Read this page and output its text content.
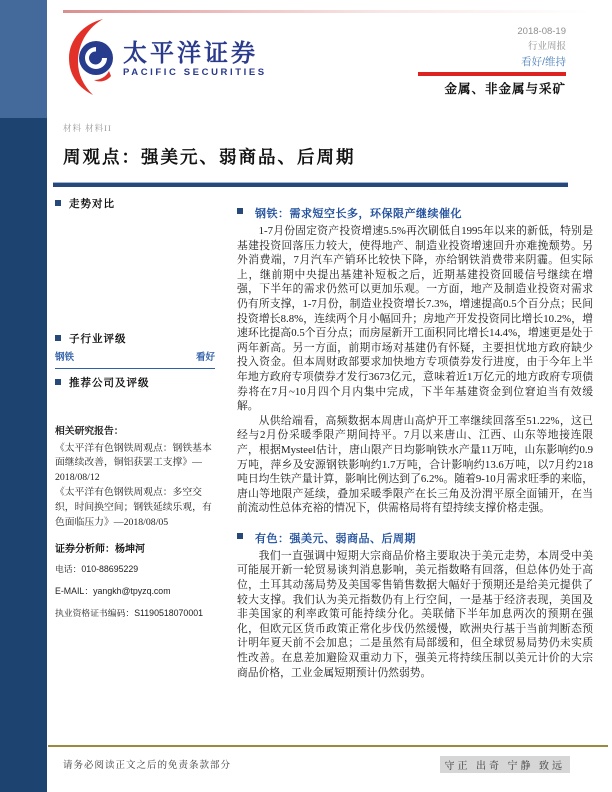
太平洋证券
PACIFIC SECURITIES
2018-08-19
行业周报
看好/维持
金属、非金属与采矿
材料 材料II
周观点：强美元、弱商品、后周期
走势对比
子行业评级
钢铁	看好
推荐公司及评级
相关研究报告：
《太平洋有色钢铁周观点：钢铁基本面继续改善，铜铝获罢工支撑》—2018/08/12
《太平洋有色钢铁周观点：多空交织，时间换空间；钢铁延续乐观，有色面临压力》—2018/08/05
证券分析师：杨坤河
电话：010-88695229
E-MAIL：yangkh@tpyzq.com
执业资格证书编码：S1190518070001
钢铁：需求短空长多，环保限产继续催化

1-7月份固定资产投资增速5.5%再次刷低自1995年以来的新低，特别是基建投资回落压力较大，使得地产、制造业投资增速回升亦难挽颓势。另外消费端，7月汽车产销环比较快下降，亦给钢铁消费带来阴霾。但实际上，继前期中央提出基建补短板之后，近期基建投资回暖信号继续在增强，下半年的需求仍然可以更加乐观。一方面，地产及制造业投资对需求仍有所支撑，1-7月份，制造业投资增长7.3%，增速提高0.5个百分点；民间投资增长8.8%，连续两个月小幅回升；房地产开发投资同比增长10.2%，增速环比提高0.5个百分点；而房屋新开工面积同比增长14.4%，增速更是处于两年新高。另一方面，前期市场对基建仍有怀疑，主要担忧地方政府缺少投入资金。但本周财政部要求加快地方专项债券发行进度，由于今年上半年地方政府专项债券才发行3673亿元，意味着近1万亿元的地方政府专项债券将在7月~10月四个月内集中完成，下半年基建资金到位窘迫当有效缓解。

从供给端看，高频数据本周唐山高炉开工率继续回落至51.22%，这已经与2月份采暖季限产期间持平。7月以来唐山、江西、山东等地接连限产，根据Mysteel估计，唐山限产日均影响铁水产量11万吨，山东影响约0.9万吨，萍乡及安源钢铁影响约1.7万吨，合计影响约13.6万吨，以7月约218吨日均生铁产量计算，影响比例达到了6.2%。随着9-10月需求旺季的来临，唐山等地限产延续，叠加采暖季限产在长三角及汾渭平原全面铺开，在当前流动性总体充裕的情况下，供需格局将有望持续支撑价格走强。

有色：强美元、弱商品、后周期

我们一直强调中短期大宗商品价格主要取决于美元走势，本周受中美可能展开新一轮贸易谈判消息影响，美元指数略有回落，但总体仍处于高位，土耳其动荡局势及美国零售销售数据大幅好于预期还是给美元提供了较大支撑。我们认为美元指数仍有上行空间，一是基于经济表现，美国及非美国家的利率政策可能持续分化。美联储下半年加息两次的预期在强化，但欧元区货币政策正常化步伐仍然缓慢，欧洲央行基于当前判断态预计明年夏天前不会加息；二是虽然有局部缓和，但全球贸易局势仍未实质性改善。在息差加避险双重动力下，强美元将持续压制以美元计价的大宗商品价格，工业金属短期预计仍然弱势。

请务必阅读正文之后的免责条款部分	守正 出奇 宁静 致远
